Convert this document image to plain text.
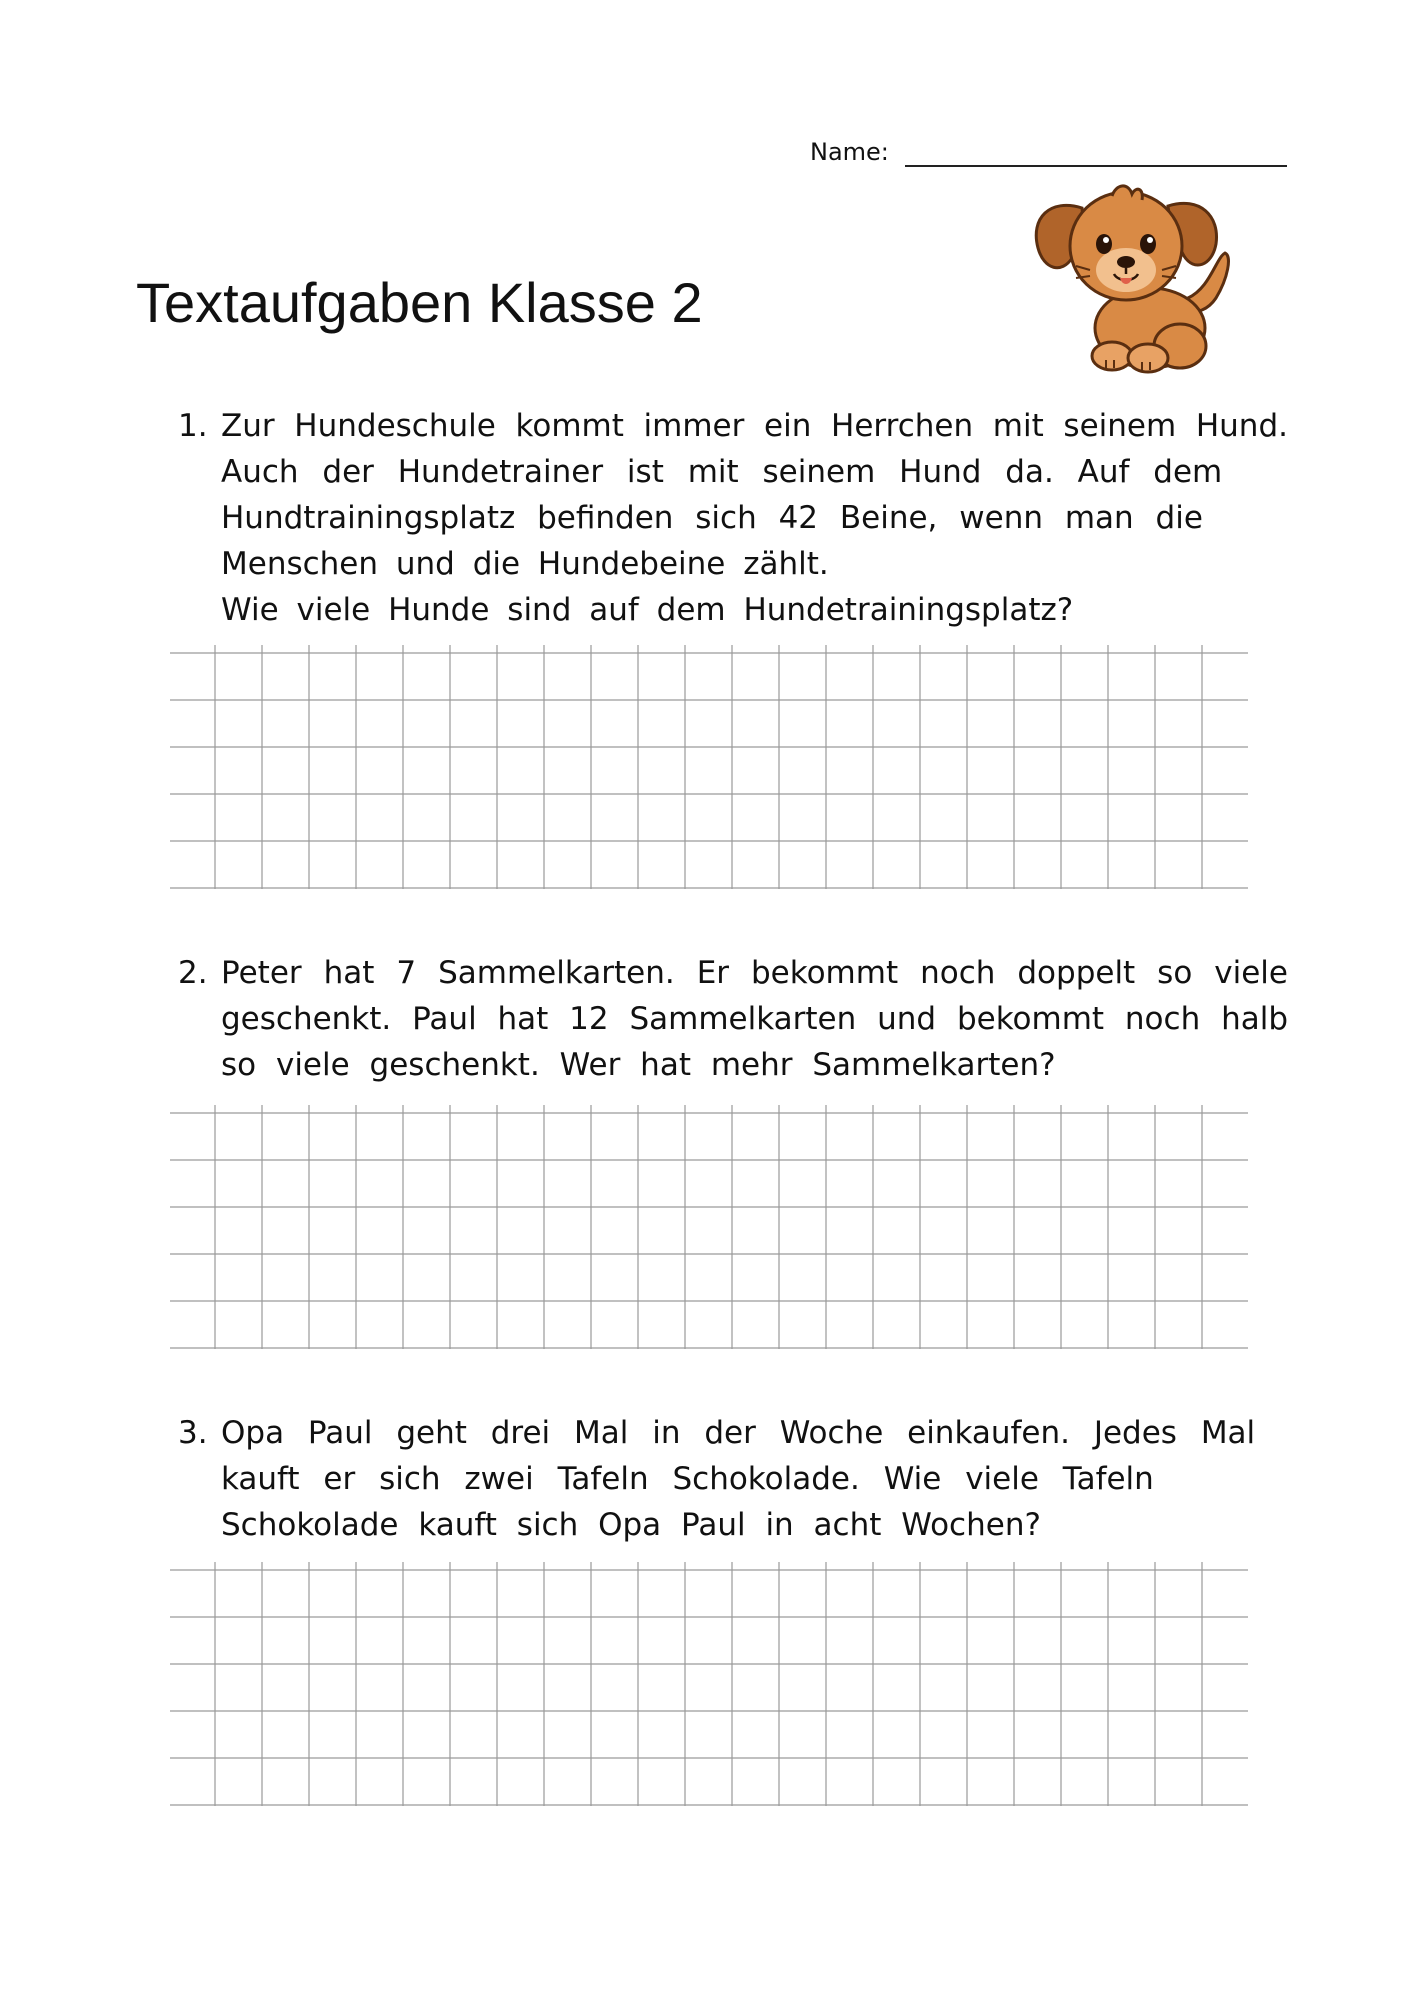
Name:
Textaufgaben Klasse 2
1. Zur Hundeschule kommt immer ein Herrchen mit seinem Hund.
Auch der Hundetrainer ist mit seinem Hund da. Auf dem
Hundtrainingsplatz befinden sich 42 Beine, wenn man die
Menschen und die Hundebeine zählt.
Wie viele Hunde sind auf dem Hundetrainingsplatz?
2. Peter hat 7 Sammelkarten. Er bekommt noch doppelt so viele
geschenkt. Paul hat 12 Sammelkarten und bekommt noch halb
so viele geschenkt. Wer hat mehr Sammelkarten?
3. Opa Paul geht drei Mal in der Woche einkaufen. Jedes Mal
kauft er sich zwei Tafeln Schokolade. Wie viele Tafeln
Schokolade kauft sich Opa Paul in acht Wochen?
